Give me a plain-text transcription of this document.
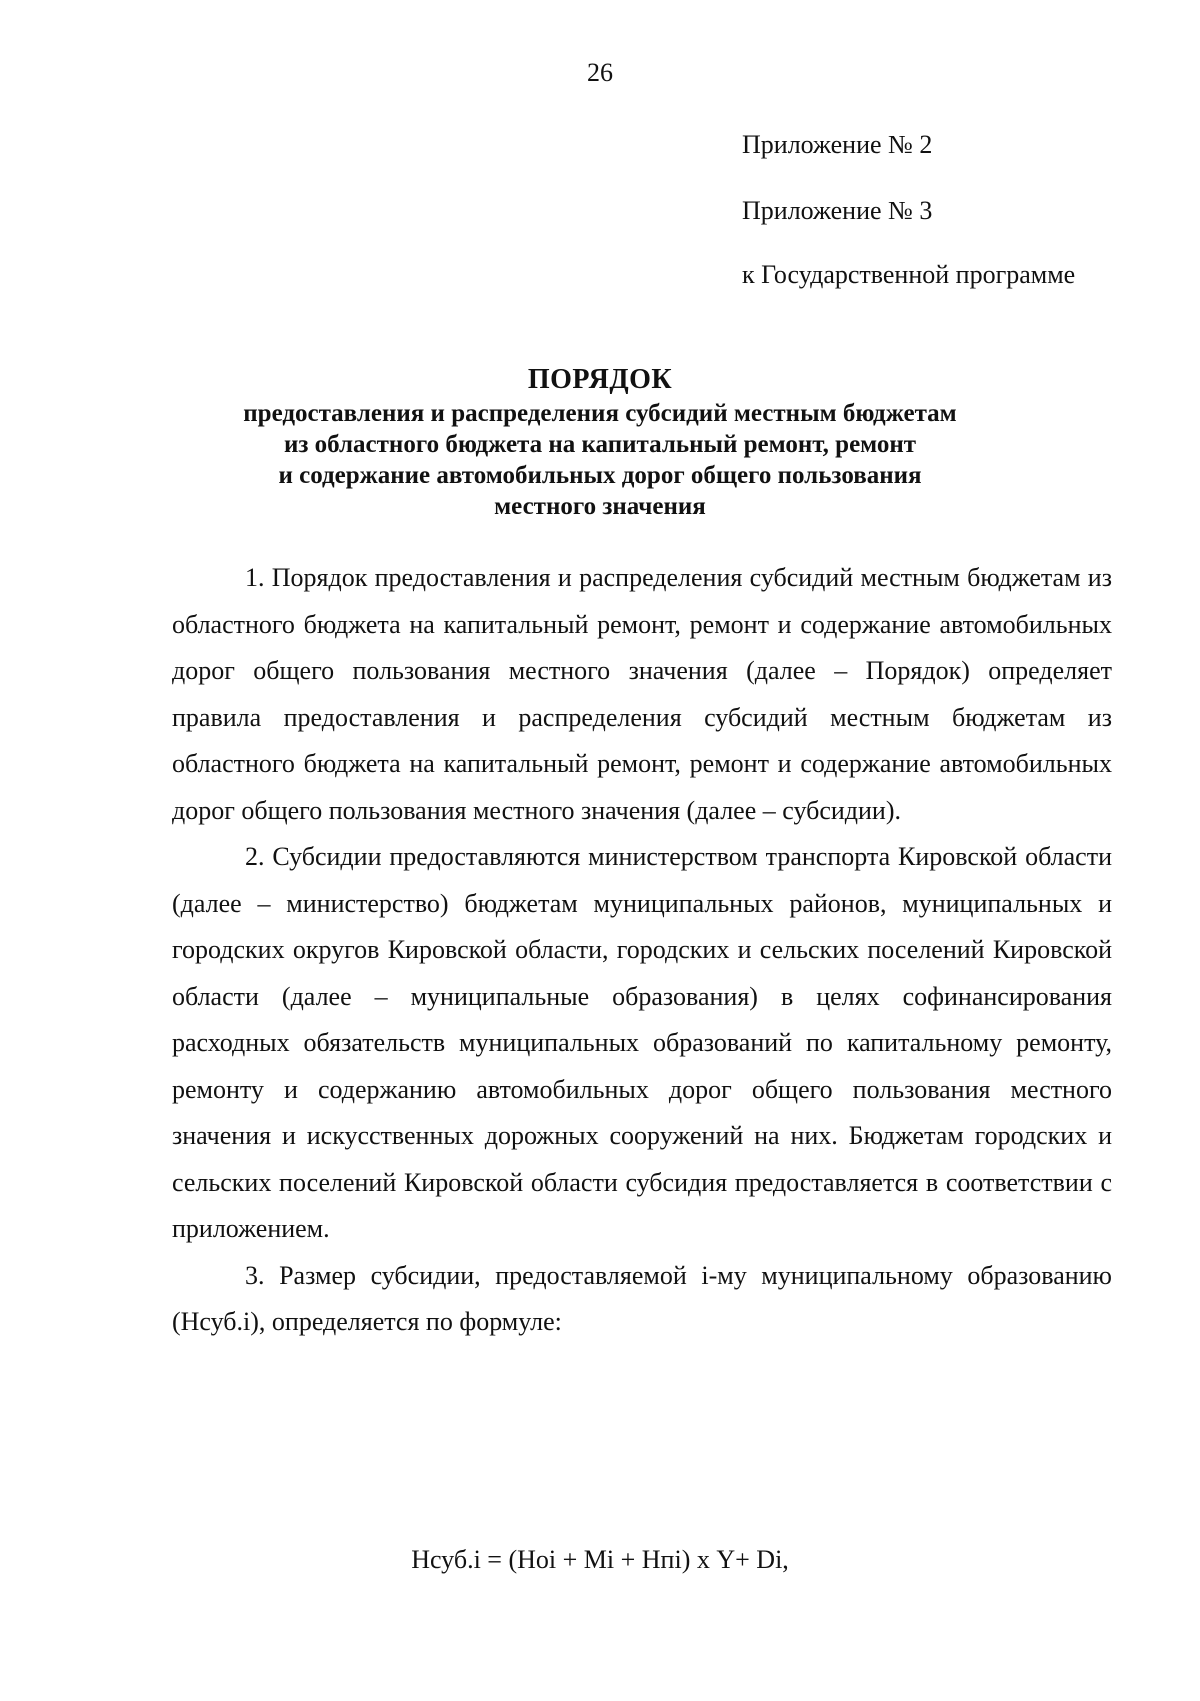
26
Приложение № 2
Приложение № 3
к Государственной программе
ПОРЯДОК
предоставления и распределения субсидий местным бюджетам
из областного бюджета на капитальный ремонт, ремонт
и содержание автомобильных дорог общего пользования
местного значения

1. Порядок предоставления и распределения субсидий местным бюджетам из областного бюджета на капитальный ремонт, ремонт и содержание автомобильных дорог общего пользования местного значения (далее – Порядок) определяет правила предоставления и распределения субсидий местным бюджетам из областного бюджета на капитальный ремонт, ремонт и содержание автомобильных дорог общего пользования местного значения (далее – субсидии).

2. Субсидии предоставляются министерством транспорта Кировской области (далее – министерство) бюджетам муниципальных районов, муниципальных и городских округов Кировской области, городских и сельских поселений Кировской области (далее – муниципальные образования) в целях софинансирования расходных обязательств муниципальных образований по капитальному ремонту, ремонту и содержанию автомобильных дорог общего пользования местного значения и искусственных дорожных сооружений на них. Бюджетам городских и сельских поселений Кировской области субсидия предоставляется в соответствии с приложением.

3. Размер субсидии, предоставляемой i-му муниципальному образованию (Нсуб.i), определяется по формуле:

Нсуб.i = (Нoi + Мi + Нпi) х Y+ Di,
